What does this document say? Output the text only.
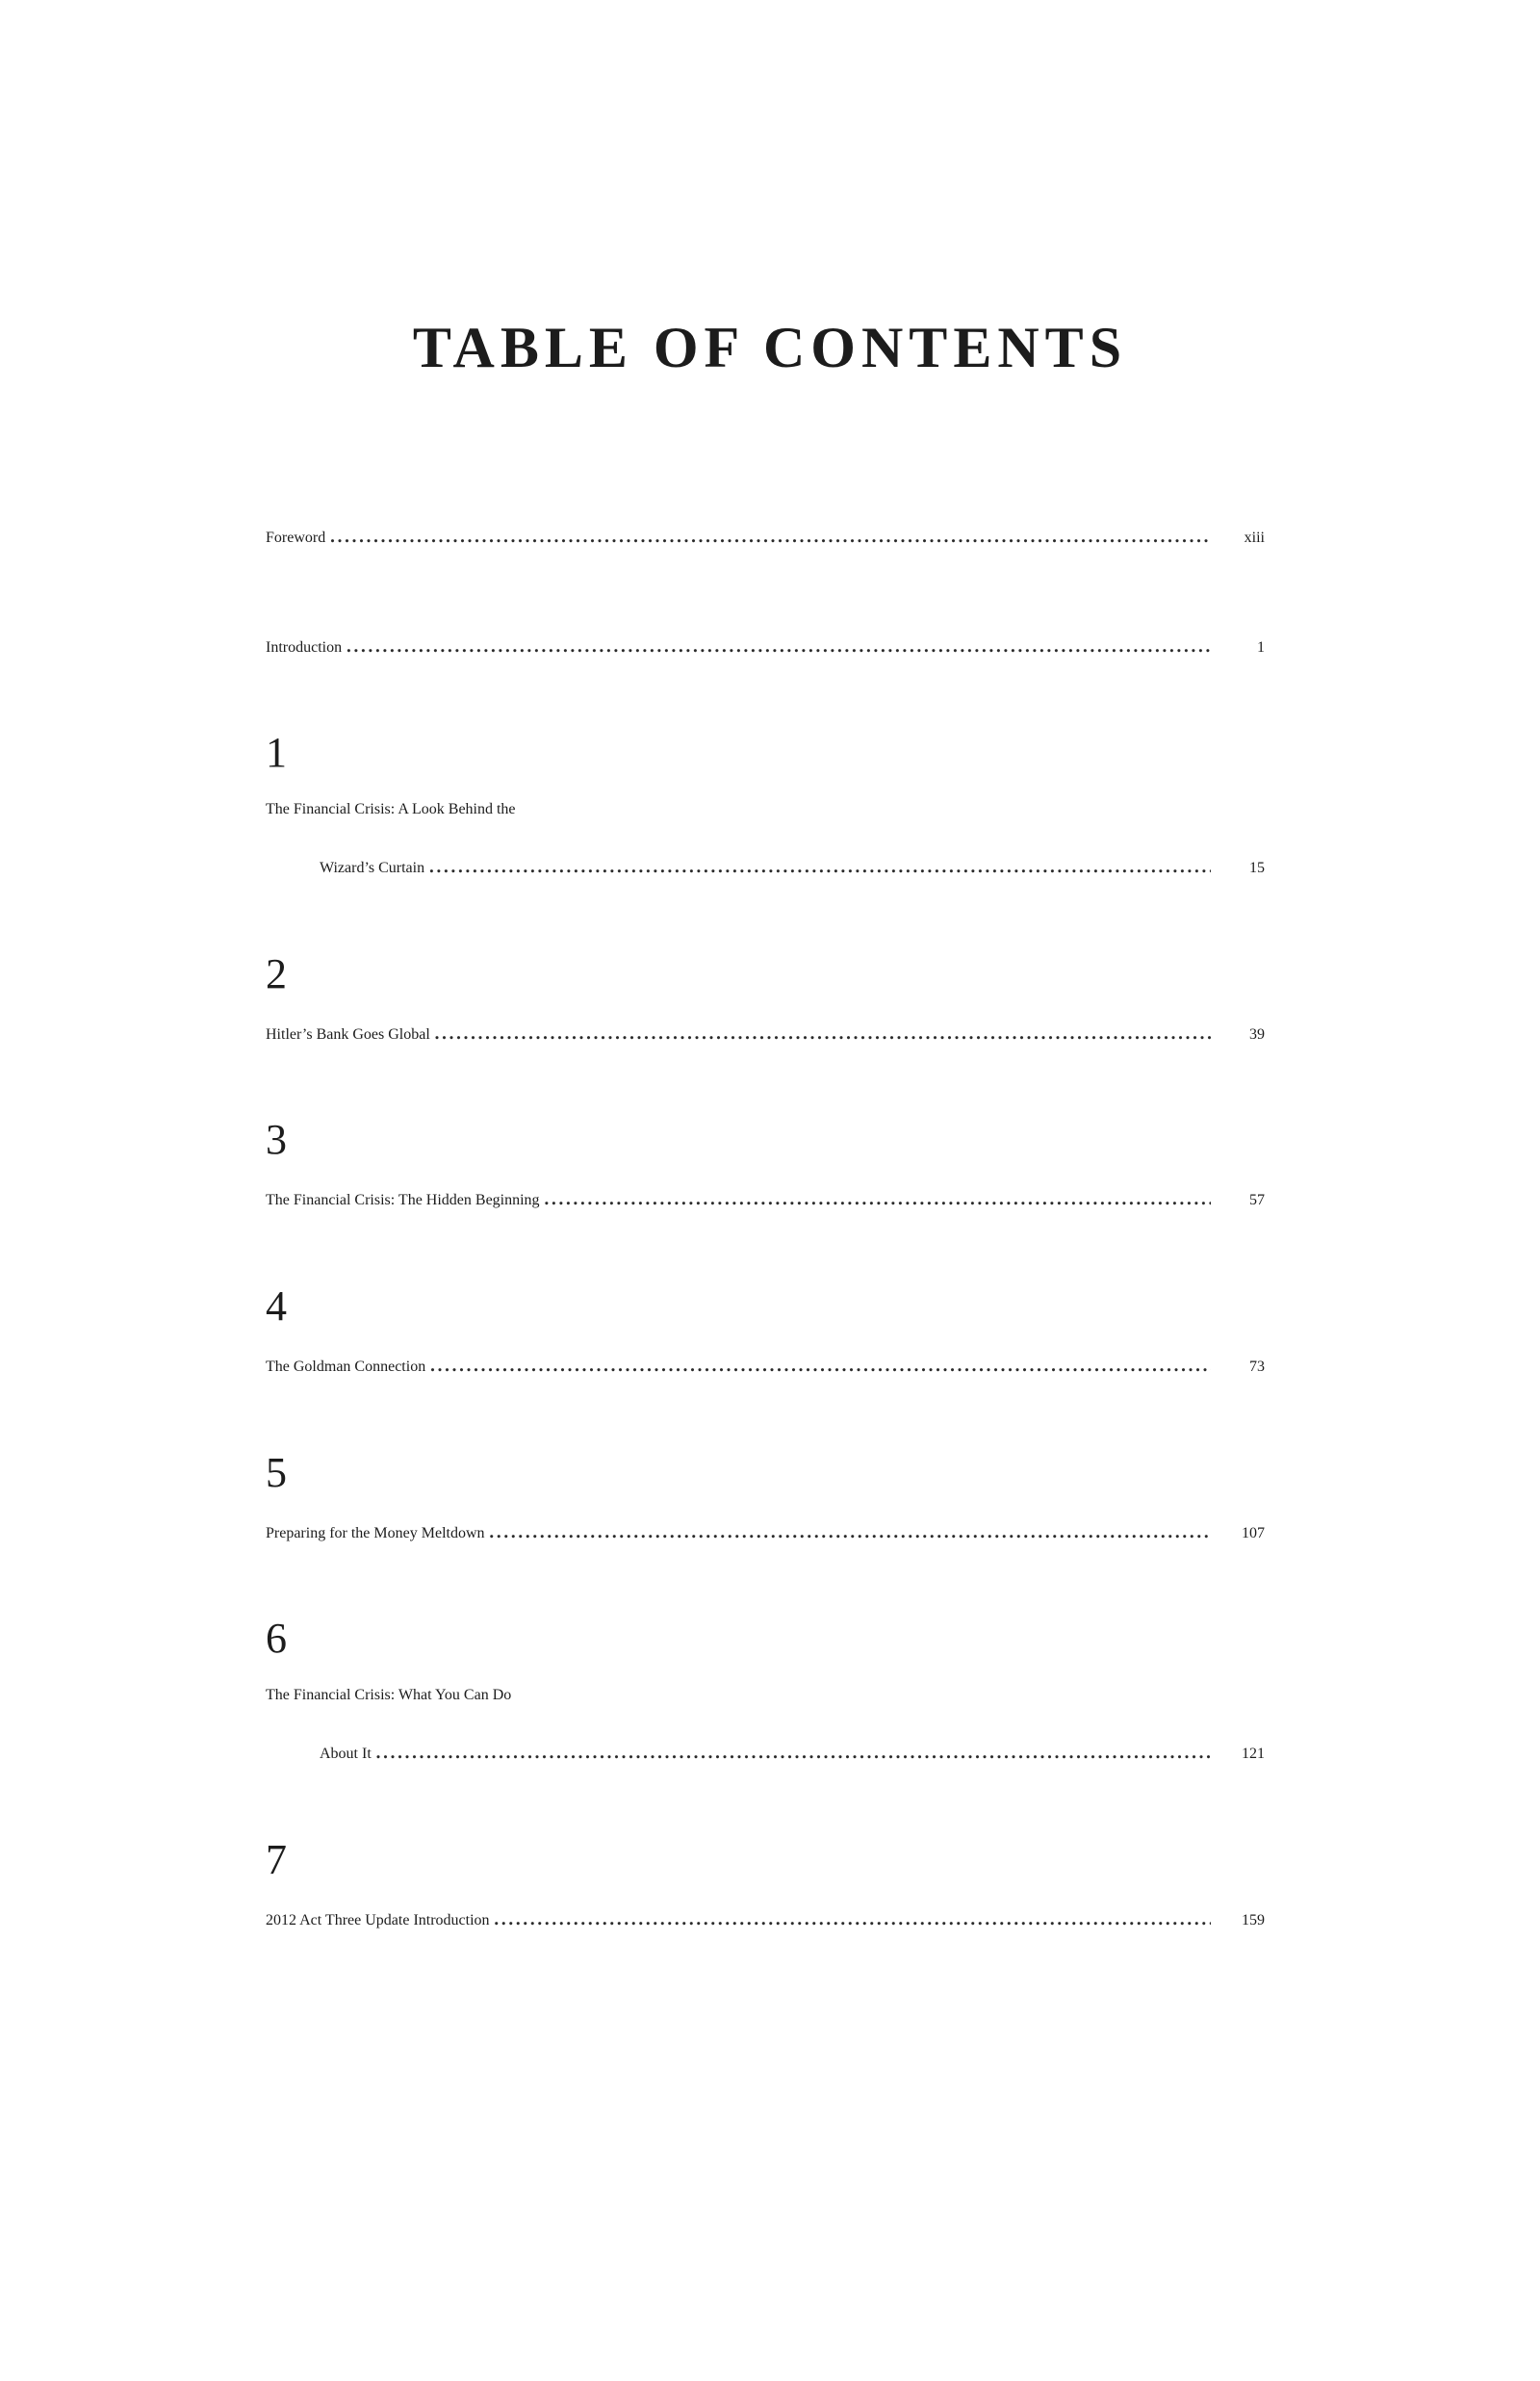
TABLE OF CONTENTS
Foreword .....	xiii
Introduction .....	1
1
The Financial Crisis: A Look Behind the
Wizard’s Curtain .....	15
2
Hitler’s Bank Goes Global .....	39
3
The Financial Crisis: The Hidden Beginning .....	57
4
The Goldman Connection .....	73
5
Preparing for the Money Meltdown .....	107
6
The Financial Crisis: What You Can Do
About It .....	121
7
2012 Act Three Update Introduction .....	159
